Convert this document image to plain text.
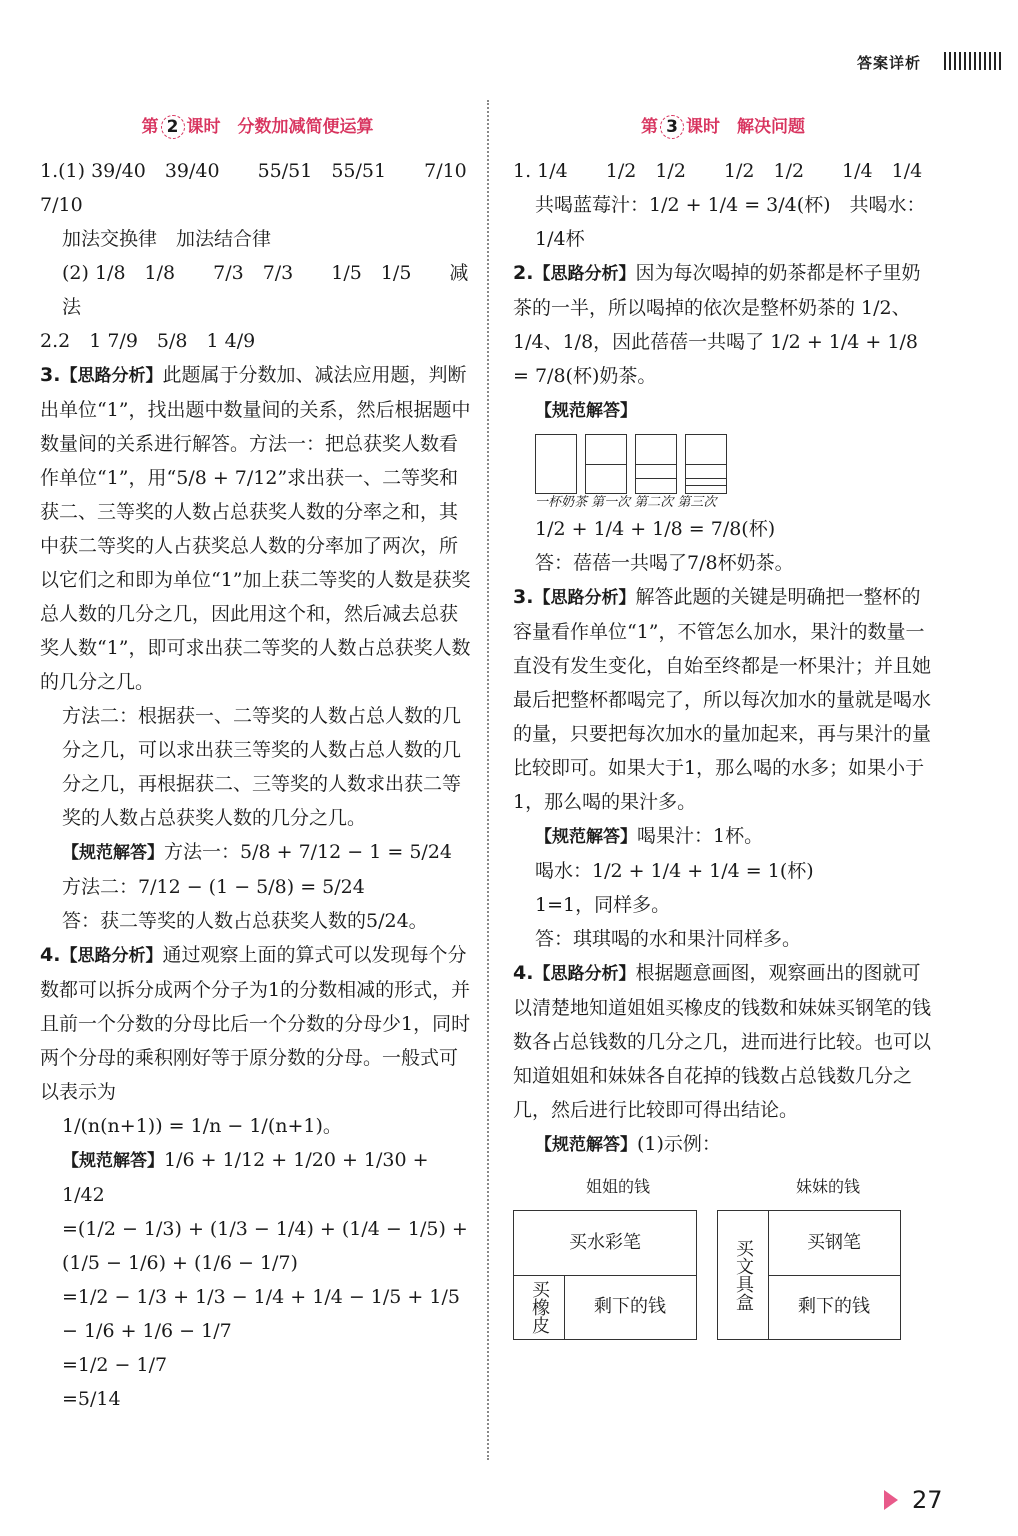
答案详析
第 2 课时　分数加减简便运算

1.(1) 39/40　39/40　　55/51　55/51　　7/10　7/10

加法交换律　加法结合律

(2) 1/8　1/8　　7/3　7/3　　1/5　1/5　　减法

2.2　1 7/9　5/8　1 4/9

3.【思路分析】此题属于分数加、减法应用题，判断出单位“1”，找出题中数量间的关系，然后根据题中数量间的关系进行解答。方法一：把总获奖人数看作单位“1”，用“5/8 + 7/12”求出获一、二等奖和获二、三等奖的人数占总获奖人数的分率之和，其中获二等奖的人占获奖总人数的分率加了两次，所以它们之和即为单位“1”加上获二等奖的人数是获奖总人数的几分之几，因此用这个和，然后减去总获奖人数“1”，即可求出获二等奖的人数占总获奖人数的几分之几。

方法二：根据获一、二等奖的人数占总人数的几分之几，可以求出获三等奖的人数占总人数的几分之几，再根据获二、三等奖的人数求出获二等奖的人数占总获奖人数的几分之几。

【规范解答】方法一：5/8 + 7/12 − 1 = 5/24

方法二：7/12 − (1 − 5/8) = 5/24

答：获二等奖的人数占总获奖人数的5/24。

4.【思路分析】通过观察上面的算式可以发现每个分数都可以拆分成两个分子为1的分数相减的形式，并且前一个分数的分母比后一个分数的分母少1，同时两个分母的乘积刚好等于原分数的分母。一般式可以表示为

1/(n(n+1)) = 1/n − 1/(n+1)。

【规范解答】1/6 + 1/12 + 1/20 + 1/30 + 1/42

=(1/2 − 1/3) + (1/3 − 1/4) + (1/4 − 1/5) +

(1/5 − 1/6) + (1/6 − 1/7)

=1/2 − 1/3 + 1/3 − 1/4 + 1/4 − 1/5 + 1/5 − 1/6 + 1/6 − 1/7

=1/2 − 1/7

=5/14

第 3 课时　解决问题

1. 1/4　　1/2　1/2　　1/2　1/2　　1/4　1/4

共喝蓝莓汁：1/2 + 1/4 = 3/4(杯)　共喝水：1/4杯

2.【思路分析】因为每次喝掉的奶茶都是杯子里奶茶的一半，所以喝掉的依次是整杯奶茶的 1/2、1/4、1/8，因此蓓蓓一共喝了 1/2 + 1/4 + 1/8 = 7/8(杯)奶茶。

【规范解答】

一杯奶茶 第一次 第二次 第三次

1/2 + 1/4 + 1/8 = 7/8(杯)

答：蓓蓓一共喝了7/8杯奶茶。

3.【思路分析】解答此题的关键是明确把一整杯的容量看作单位“1”，不管怎么加水，果汁的数量一直没有发生变化，自始至终都是一杯果汁；并且她最后把整杯都喝完了，所以每次加水的量就是喝水的量，只要把每次加水的量加起来，再与果汁的量比较即可。如果大于1，那么喝的水多；如果小于1，那么喝的果汁多。

【规范解答】喝果汁：1杯。

喝水：1/2 + 1/4 + 1/4 = 1(杯)

1=1，同样多。

答：琪琪喝的水和果汁同样多。

4.【思路分析】根据题意画图，观察画出的图就可以清楚地知道姐姐买橡皮的钱数和妹妹买钢笔的钱数各占总钱数的几分之几，进而进行比较。也可以知道姐姐和妹妹各自花掉的钱数占总钱数几分之几，然后进行比较即可得出结论。

【规范解答】(1)示例：

姐姐的钱	妹妹的钱
买水彩笔
买橡皮	剩下的钱	买文具盒	买钢笔
剩下的钱
27
